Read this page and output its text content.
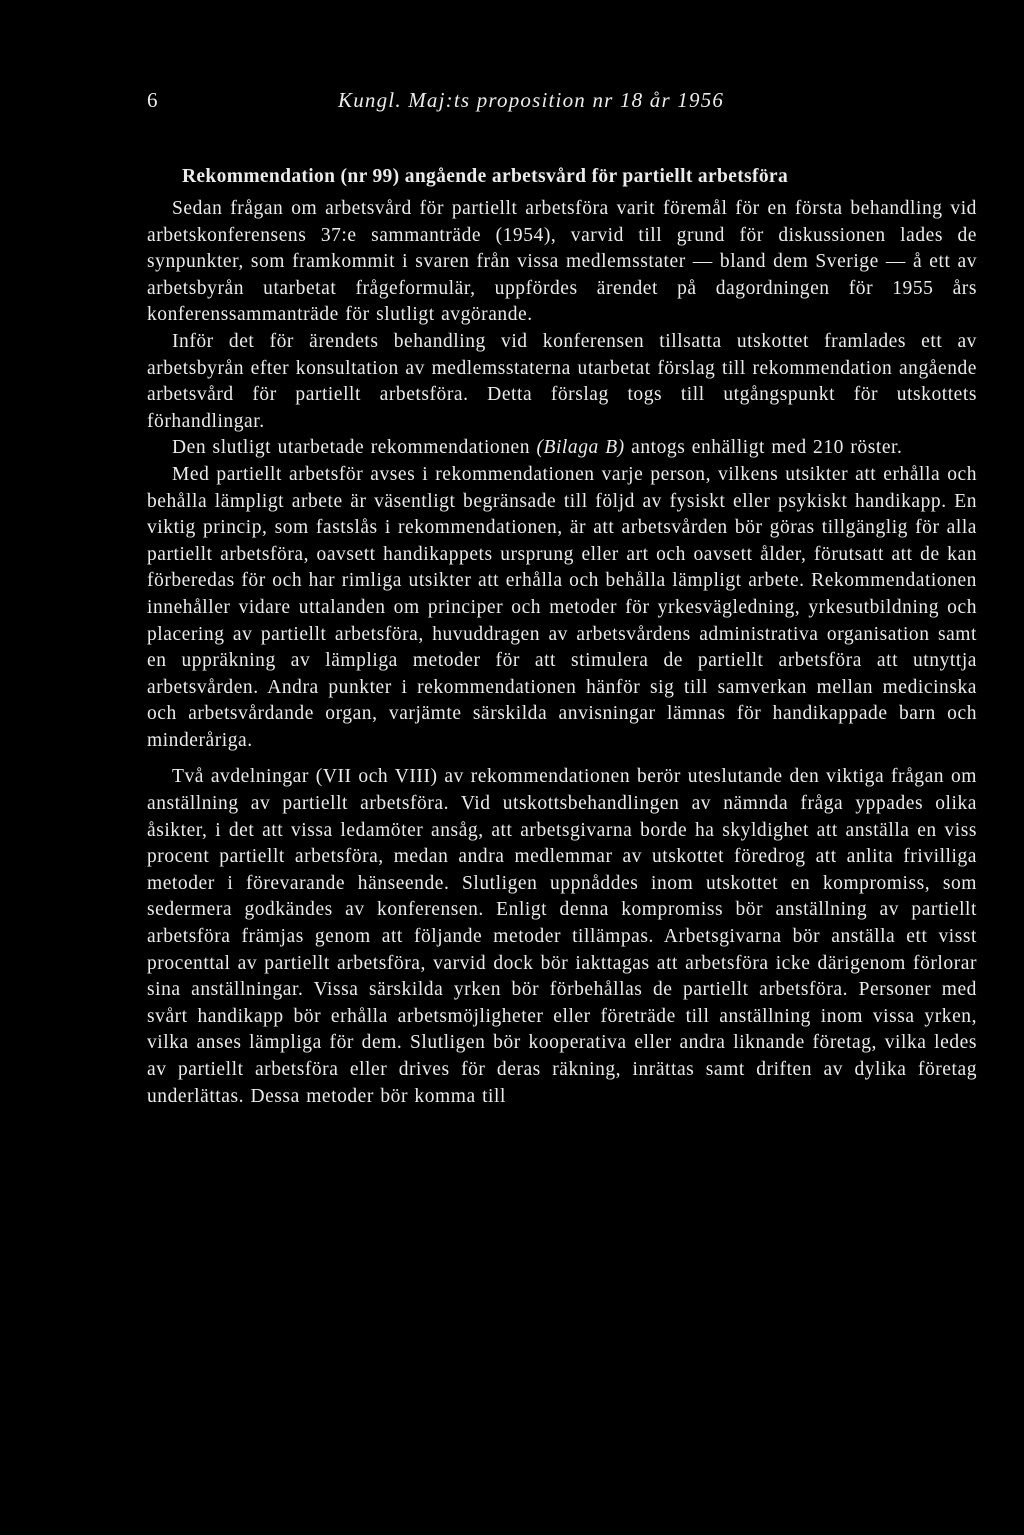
6	Kungl. Maj:ts proposition nr 18 år 1956
Rekommendation (nr 99) angående arbetsvård för partiellt arbetsföra

Sedan frågan om arbetsvård för partiellt arbetsföra varit föremål för en första behandling vid arbetskonferensens 37:e sammanträde (1954), varvid till grund för diskussionen lades de synpunkter, som framkommit i svaren från vissa medlemsstater — bland dem Sverige — å ett av arbetsbyrån utarbetat frågeformulär, uppfördes ärendet på dagordningen för 1955 års konferenssammanträde för slutligt avgörande.

Inför det för ärendets behandling vid konferensen tillsatta utskottet framlades ett av arbetsbyrån efter konsultation av medlemsstaterna utarbetat förslag till rekommendation angående arbetsvård för partiellt arbetsföra. Detta förslag togs till utgångspunkt för utskottets förhandlingar.

Den slutligt utarbetade rekommendationen (Bilaga B) antogs enhälligt med 210 röster.

Med partiellt arbetsför avses i rekommendationen varje person, vilkens utsikter att erhålla och behålla lämpligt arbete är väsentligt begränsade till följd av fysiskt eller psykiskt handikapp. En viktig princip, som fastslås i rekommendationen, är att arbetsvården bör göras tillgänglig för alla partiellt arbetsföra, oavsett handikappets ursprung eller art och oavsett ålder, förutsatt att de kan förberedas för och har rimliga utsikter att erhålla och behålla lämpligt arbete. Rekommendationen innehåller vidare uttalanden om principer och metoder för yrkesvägledning, yrkesutbildning och placering av partiellt arbetsföra, huvuddragen av arbetsvårdens administrativa organisation samt en uppräkning av lämpliga metoder för att stimulera de partiellt arbetsföra att utnyttja arbetsvården. Andra punkter i rekommendationen hänför sig till samverkan mellan medicinska och arbetsvårdande organ, varjämte särskilda anvisningar lämnas för handikappade barn och minderåriga.

Två avdelningar (VII och VIII) av rekommendationen berör uteslutande den viktiga frågan om anställning av partiellt arbetsföra. Vid utskottsbehandlingen av nämnda fråga yppades olika åsikter, i det att vissa ledamöter ansåg, att arbetsgivarna borde ha skyldighet att anställa en viss procent partiellt arbetsföra, medan andra medlemmar av utskottet föredrog att anlita frivilliga metoder i förevarande hänseende. Slutligen uppnåddes inom utskottet en kompromiss, som sedermera godkändes av konferensen. Enligt denna kompromiss bör anställning av partiellt arbetsföra främjas genom att följande metoder tillämpas. Arbetsgivarna bör anställa ett visst procenttal av partiellt arbetsföra, varvid dock bör iakttagas att arbetsföra icke därigenom förlorar sina anställningar. Vissa särskilda yrken bör förbehållas de partiellt arbetsföra. Personer med svårt handikapp bör erhålla arbetsmöjligheter eller företräde till anställning inom vissa yrken, vilka anses lämpliga för dem. Slutligen bör kooperativa eller andra liknande företag, vilka ledes av partiellt arbetsföra eller drives för deras räkning, inrättas samt driften av dylika företag underlättas. Dessa metoder bör komma till
